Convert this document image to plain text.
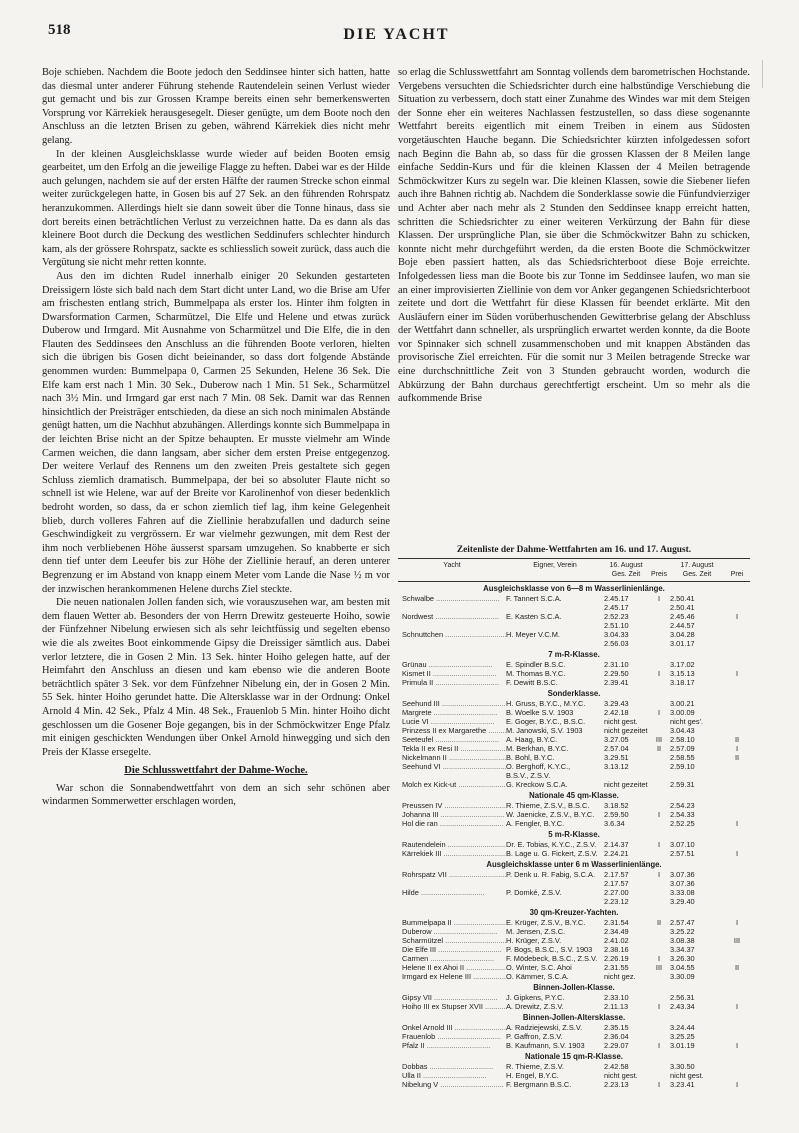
518	DIE YACHT

Boje schieben. Nachdem die Boote jedoch den Seddinsee hinter sich hatten, hatte das diesmal unter anderer Führung stehende Rautendelein seinen Verlust wieder gut gemacht und bis zur Grossen Krampe bereits einen sehr bemerkenswerten Vorsprung vor Kärrekiek herausgesegelt. Dieser genügte, um dem Boote noch den Anschluss an die letzten Brisen zu geben, während Kärrekiek dies nicht mehr gelang.

In der kleinen Ausgleichsklasse wurde wieder auf beiden Booten emsig gearbeitet, um den Erfolg an die jeweilige Flagge zu heften. Dabei war es der Hilde auch gelungen, nachdem sie auf der ersten Hälfte der raumen Strecke schon einmal weiter zurückgelegen hatte, in Gosen bis auf 27 Sek. an den führenden Rohrspatz heranzukommen. Allerdings hielt sie dann soweit über die Tonne hinaus, dass sie dort bereits einen beträchtlichen Verlust zu verzeichnen hatte. Da es dann als das kleinere Boot durch die Deckung des westlichen Seddinufers schlechter hindurch kam, als der grössere Rohrspatz, sackte es schliesslich soweit zurück, dass auch die Vergütung sie nicht mehr retten konnte.

Aus den im dichten Rudel innerhalb einiger 20 Sekunden gestarteten Dreissigern löste sich bald nach dem Start dicht unter Land, wo die Brise am Ufer am frischesten entlang strich, Bummelpapa als erster los. Hinter ihm folgten in Dwarsformation Carmen, Scharmützel, Die Elfe und Helene und etwas zurück Duberow und Irmgard. Mit Ausnahme von Scharmützel und Die Elfe, die in den Flauten des Seddinsees den Anschluss an die führenden Boote verloren, hielten sich die übrigen bis Gosen dicht beieinander, so dass dort folgende Abstände genommen wurden: Bummelpapa 0, Carmen 25 Sekunden, Helene 36 Sek. Die Elfe kam erst nach 1 Min. 30 Sek., Duberow nach 1 Min. 51 Sek., Scharmützel nach 3½ Min. und Irmgard gar erst nach 7 Min. 08 Sek. Damit war das Rennen hinsichtlich der Preisträger entschieden, da diese an sich noch minimalen Abstände genügt hatten, um die Nachhut abzuhängen. Allerdings konnte sich Bummelpapa in der leichten Brise nicht an der Spitze behaupten. Er musste vielmehr am Winde Carmen weichen, die dann langsam, aber sicher dem ersten Preise entgegenzog. Der weitere Verlauf des Rennens um den zweiten Preis gestaltete sich gegen Schluss ziemlich dramatisch. Bummelpapa, der bei so absoluter Flaute nicht so schnell ist wie Helene, war auf der Breite vor Karolinenhof von dieser bedenklich bedroht worden, so dass, da er schon ziemlich tief lag, ihm keine Gelegenheit blieb, durch volleres Fahren auf die Ziellinie herabzufallen und dadurch seine Geschwindigkeit zu vergrössern. Er war vielmehr gezwungen, mit dem Rest der ihm noch verbliebenen Höhe äusserst sparsam umzugehen. So knabberte er sich denn tief unter dem Leeufer bis zur Höhe der Ziellinie herauf, an deren unterer Begrenzung er im Abstand von knapp einem Meter vom Lande die Nase ½ m vor der inzwischen herankommenen Helene durchs Ziel steckte.

Die neuen nationalen Jollen fanden sich, wie vorauszusehen war, am besten mit dem flauen Wetter ab. Besonders der von Herrn Drewitz gesteuerte Hoiho, sowie der Fünfzehner Nibelung erwiesen sich als sehr leichtfüssig und segelten ebenso wie die als zweites Boot einkommende Gipsy die Dreissiger sämtlich aus. Dabei verlor letztere, die in Gosen 2 Min. 13 Sek. hinter Hoiho gelegen hatte, auf der Heimfahrt den Anschluss an diesen und kam ebenso wie die anderen Boote beträchtlich später 3 Sek. vor dem Fünfzehner Nibelung ein, der in Gosen 2 Min. 55 Sek. hinter Hoiho gerundet hatte. Die Altersklasse war in der Ordnung: Onkel Arnold 4 Min. 42 Sek., Pfalz 4 Min. 48 Sek., Frauenlob 5 Min. hinter Hoiho dicht geschlossen um die Gosener Boje gegangen, bis in der Schmöckwitzer Enge Pfalz mit einigen geschickten Wendungen über Onkel Arnold hinwegging und sich den Preis der Klasse ersegelte.

Die Schlusswettfahrt der Dahme-Woche.

War schon die Sonnabendwettfahrt von dem an sich sehr schönen aber windarmen Sommerwetter erschlagen worden,

so erlag die Schlusswettfahrt am Sonntag vollends dem barometrischen Hochstande. Vergebens versuchten die Schiedsrichter durch eine halbstündige Verschiebung die Situation zu verbessern, doch statt einer Zunahme des Windes war mit dem Steigen der Sonne eher ein weiteres Nachlassen festzustellen, so dass diese sogenannte Wettfahrt bereits eigentlich mit einem Treiben in einem aus Südosten vorgetäuschten Hauche begann. Die Schiedsrichter kürzten infolgedessen sofort nach Beginn die Bahn ab, so dass für die grossen Klassen der 8 Meilen lange einfache Seddin-Kurs und für die kleinen Klassen der 4 Meilen betragende Schmöckwitzer Kurs zu segeln war. Die kleinen Klassen, sowie die Siebener liefen auch ihre Bahnen richtig ab. Nachdem die Sonderklasse sowie die Fünfundvierziger und Achter aber nach mehr als 2 Stunden den Seddinsee knapp erreicht hatten, schritten die Schiedsrichter zu einer weiteren Verkürzung der Bahn für diese Klassen. Der ursprüngliche Plan, sie über die Schmöckwitzer Bahn zu schicken, konnte nicht mehr durchgeführt werden, da die ersten Boote die Schmöckwitzer Boje eben passiert hatten, als das Schiedsrichterboot diese Boje erreichte. Infolgedessen liess man die Boote bis zur Tonne im Seddinsee laufen, wo man sie an einer improvisierten Ziellinie von dem vor Anker gegangenen Schiedsrichterboot zeitete und dort die Wettfahrt für diese Klassen für beendet erklärte. Mit den Ausläufern einer im Süden vorüberhuschenden Gewitterbrise gelang der Abschluss der Wettfahrt dann schneller, als ursprünglich erwartet werden konnte, da die Boote vor Spinnaker sich schnell zusammenschoben und mit knappen Abständen das provisorische Ziel erreichten. Für die somit nur 3 Meilen betragende Strecke war eine durchschnittliche Zeit von 3 Stunden gebraucht worden, wodurch die Abkürzung der Bahn durchaus gerechtfertigt erscheint. Um so mehr als die aufkommende Brise

Zeitenliste der Dahme-Wettfahrten am 16. und 17. August.
Yacht	Eigner, Verein	16. August
Ges. Zeit	Preis
17. August
Ges. Zeit	Prei
Ausgleichsklasse von 6—8 m Wasserlinienlänge.
Schwalbe .....	F. Tannert S.C.A.	2.45.17	I	2.50.41
2.45.17	2.50.41
Nordwest .....	E. Kasten S.C.A.	2.52.23	2.45.46	I
2.51.10	2.44.57
Schnuttchen .....	H. Meyer V.C.M.	3.04.33	3.04.28
2.56.03	3.01.17
7 m-R-Klasse.
Grünau .....	E. Spindler B.S.C.	2.31.10	3.17.02
Kismet II .....	M. Thomas B.Y.C.	2.29.50	I	3.15.13	I
Primula II .....	F. Dewitt B.S.C.	2.39.41	3.18.17
Sonderklasse.
Seehund III .....	H. Gruss, B.Y.C., M.Y.C.	3.29.43	3.00.21
Margrete .....	B. Woelke S.V. 1903	2.42.18	I	3.00.09
Lucie VI .....	E. Goger, B.Y.C., B.S.C.	nicht gest.	nicht ges'.
Prinzess II ex Margarethe .....	M. Janowski, S.V. 1903	nicht gezeitet	3.04.43
Seeteufel .....	A. Haag, B.Y.C.	3.27.05	III	2.58.10	II
Tekla II ex Resi II .....	M. Berkhan, B.Y.C.	2.57.04	II	2.57.09	I
Nickelmann II .....	B. Bohl, B.Y.C.	3.29.51	2.58.55	II
Seehund VI .....	O. Berghoff, K.Y.C.,	3.13.12	2.59.10
B.S.V., Z.S.V.
Molch ex Kick-ut .....	G. Kreckow S.C.A.	nicht gezeitet	2.59.31
Nationale 45 qm-Klasse.
Preussen IV .....	R. Thieme, Z.S.V., B.S.C.	3.18.52	2.54.23
Johanna III .....	W. Jaenicke, Z.S.V., B.Y.C.	2.59.50	I	2.54.33
Hol die ran .....	A. Fengler, B.Y.C.	3.6.34	2.52.25	I
5 m-R-Klasse.
Rautendelein .....	Dr. E. Tobias, K.Y.C., Z.S.V.	2.14.37	I	3.07.10
Kärrekiek III .....	B. Lage u. G. Fickert, Z.S.V. 2.24.21	2.57.51	I
Ausgleichsklasse unter 6 m Wasserlinienlänge.
Rohrspatz VII .....	P. Denk u. R. Fabig, S.C.A.	2.17.57	I	3.07.36
2.17.57	3.07.36
Hilde .....	P. Domké, Z.S.V.	2.27.00	3.33.08
2.23.12	3.29.40
30 qm-Kreuzer-Yachten.
Bummelpapa II .....	E. Krüger, Z.S.V., B.Y.C.	2.31.54	II	2.57.47	I
Duberow .....	M. Jensen, Z.S.C.	2.34.49	3.25.22
Scharmützel .....	H. Krüger, Z.S.V.	2.41.02	3.08.38	III
Die Elfe III .....	P. Bogs, B.S.C., S.V. 1903	2.38.16	3.34.37
Carmen .....	F. Mödebeck, B.S.C., Z.S.V. 2.26.19	I	3.26.30
Helene II ex Ahoi II .....	O. Winter, S.C. Ahoi	2.31.55	III	3.04.55	II
Irmgard ex Helene III .....	O. Kämmer, S.C.A.	nicht gez.	3.30.09
Binnen-Jollen-Klasse.
Gipsy VII .....	J. Gipkens, P.Y.C.	2.33.10	2.56.31
Hoiho III ex Stupser XVII .....	A. Drewitz, Z.S.V.	2.11.13	I	2.43.34	I
Binnen-Jollen-Altersklasse.
Onkel Arnold III .....	A. Radziejewski, Z.S.V.	2.35.15	3.24.44
Frauenlob .....	P. Gaffron, Z.S.V.	2.36.04	3.25.25
Pfalz II .....	B. Kaufmann, S.V. 1903	2.29.07	I	3.01.19	I
Nationale 15 qm-R-Klasse.
Dobbas .....	R. Thieme, Z.S.V.	2.42.58	3.30.50
Ulla II .....	H. Engel, B.Y.C.	nicht gest.	nicht gest.
Nibelung V .....	F. Bergmann B.S.C.	2.23.13	I	3.23.41	I
